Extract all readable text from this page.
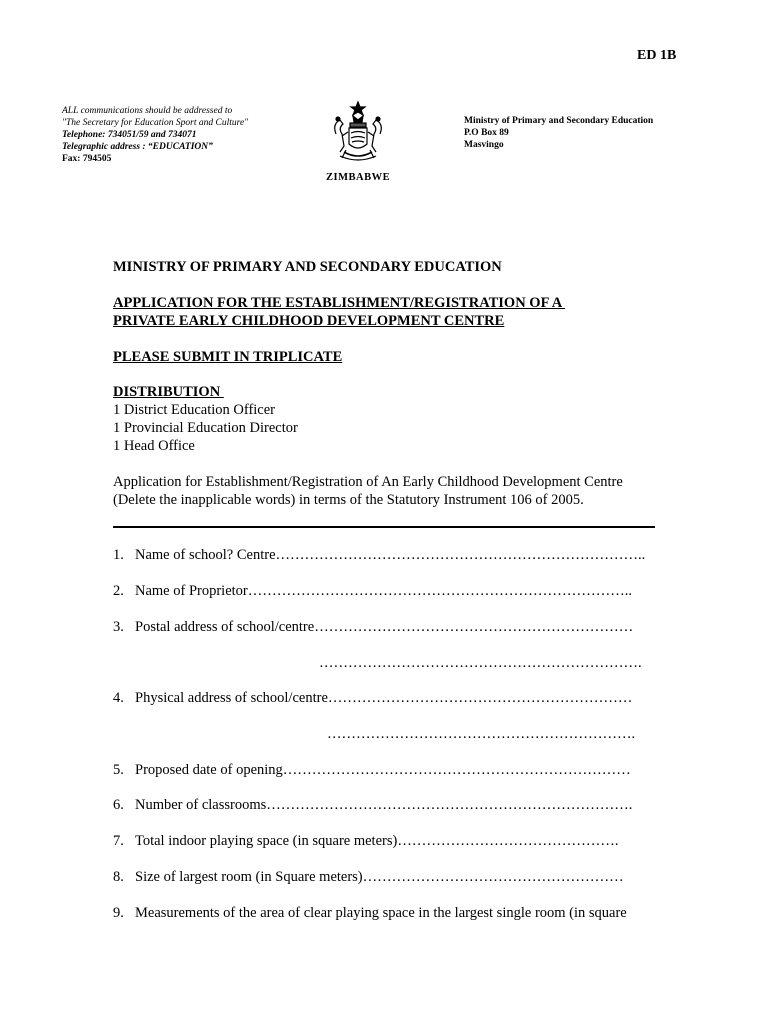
ED 1B
ALL communications should be addressed to
"The Secretary for Education Sport and Culture"
Telephone: 734051/59 and 734071
Telegraphic address : “EDUCATION”
Fax: 794505
ZIMBABWE
Ministry of Primary and Secondary Education
P.O Box 89
Masvingo
MINISTRY OF PRIMARY AND SECONDARY EDUCATION
APPLICATION FOR THE ESTABLISHMENT/REGISTRATION OF A
PRIVATE EARLY CHILDHOOD DEVELOPMENT CENTRE
PLEASE SUBMIT IN TRIPLICATE
DISTRIBUTION
1 District Education Officer
1 Provincial Education Director
1 Head Office
Application for Establishment/Registration of An Early Childhood Development Centre
(Delete the inapplicable words) in terms of the Statutory Instrument 106 of 2005.
1. Name of school? Centre…………………………………………………………………..
2. Name of Proprietor……………………………………………………………………..
3. Postal address of school/centre…………………………………………………………
………………………………………………………….
4. Physical address of school/centre………………………………………………………
……………………………………………………….
5. Proposed date of opening………………………………………………………………
6. Number of classrooms………………………………………………………………….
7. Total indoor playing space (in square meters)……………………………………….
8. Size of largest room (in Square meters)………………………………………………
9. Measurements of the area of clear playing space in the largest single room (in square
